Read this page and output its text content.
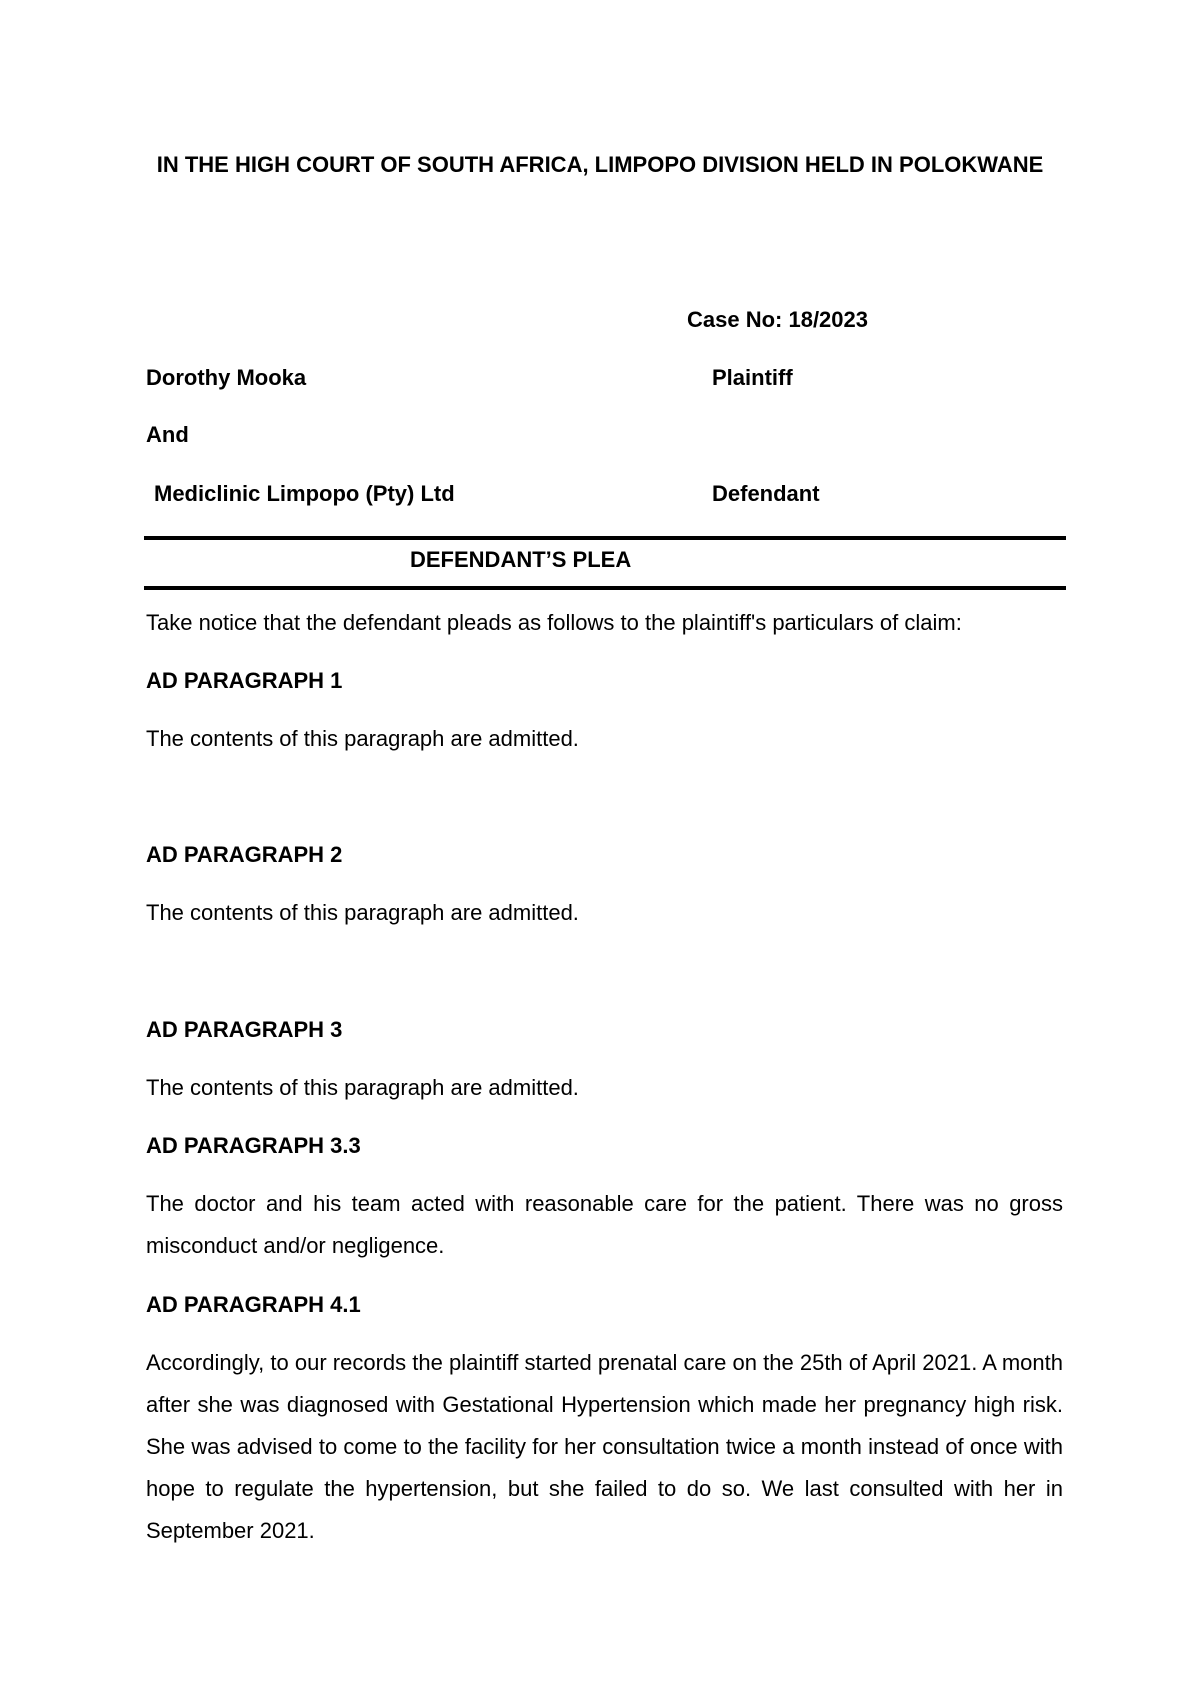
IN THE HIGH COURT OF SOUTH AFRICA, LIMPOPO DIVISION HELD IN POLOKWANE
Case No: 18/2023
Dorothy Mooka	Plaintiff
And
Mediclinic Limpopo (Pty) Ltd	Defendant
DEFENDANT’S PLEA
Take notice that the defendant pleads as follows to the plaintiff's particulars of claim:
AD PARAGRAPH 1
The contents of this paragraph are admitted.
AD PARAGRAPH 2
The contents of this paragraph are admitted.
AD PARAGRAPH 3
The contents of this paragraph are admitted.
AD PARAGRAPH 3.3
The doctor and his team acted with reasonable care for the patient. There was no gross misconduct and/or negligence.
AD PARAGRAPH 4.1
Accordingly, to our records the plaintiff started prenatal care on the 25th of April 2021. A month after she was diagnosed with Gestational Hypertension which made her pregnancy high risk. She was advised to come to the facility for her consultation twice a month instead of once with hope to regulate the hypertension, but she failed to do so. We last consulted with her in September 2021.
